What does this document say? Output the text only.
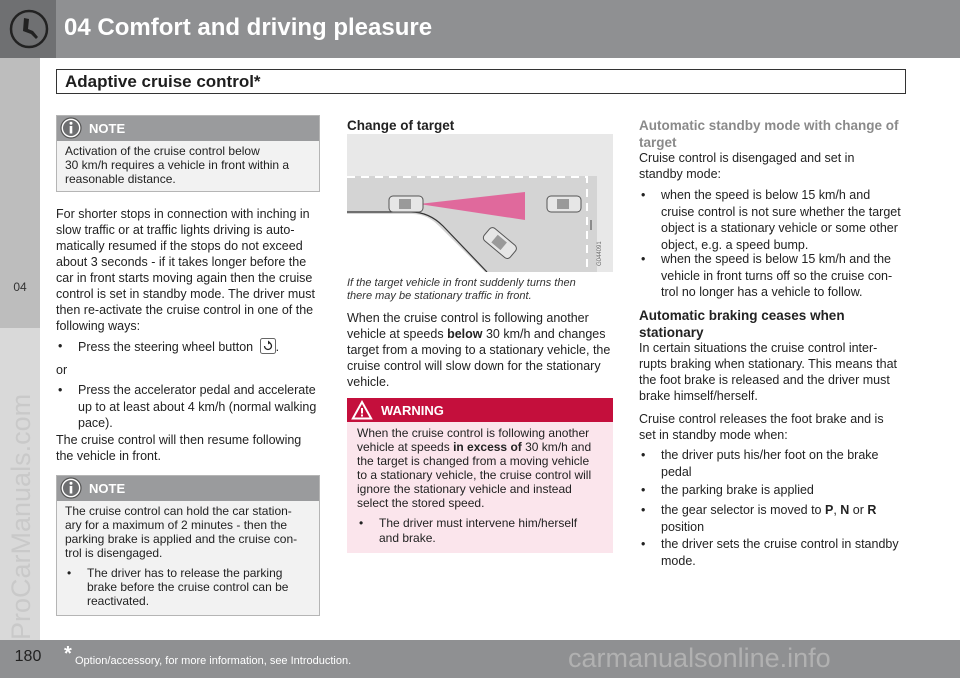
04 Comfort and driving pleasure
Adaptive cruise control*
04
ProCarManuals.com
NOTE
Activation of the cruise control below
30 km/h requires a vehicle in front within a
reasonable distance.
For shorter stops in connection with inching in
slow traffic or at traffic lights driving is auto-
matically resumed if the stops do not exceed
about 3 seconds - if it takes longer before the
car in front starts moving again then the cruise
control is set in standby mode. The driver must
then re-activate the cruise control in one of the
following ways:
• Press the steering wheel button .
or
• Press the accelerator pedal and accelerate
up to at least about 4 km/h (normal walking
pace).
The cruise control will then resume following
the vehicle in front.
NOTE
The cruise control can hold the car station-
ary for a maximum of 2 minutes - then the
parking brake is applied and the cruise con-
trol is disengaged.
• The driver has to release the parking
brake before the cruise control can be
reactivated.
Change of target
G044091
If the target vehicle in front suddenly turns then
there may be stationary traffic in front.
When the cruise control is following another
vehicle at speeds below 30 km/h and changes
target from a moving to a stationary vehicle, the
cruise control will slow down for the stationary
vehicle.
WARNING
When the cruise control is following another
vehicle at speeds in excess of 30 km/h and
the target is changed from a moving vehicle
to a stationary vehicle, the cruise control will
ignore the stationary vehicle and instead
select the stored speed.
• The driver must intervene him/herself
and brake.
Automatic standby mode with change of
target
Cruise control is disengaged and set in
standby mode:
• when the speed is below 15 km/h and
cruise control is not sure whether the target
object is a stationary vehicle or some other
object, e.g. a speed bump.
• when the speed is below 15 km/h and the
vehicle in front turns off so the cruise con-
trol no longer has a vehicle to follow.
Automatic braking ceases when
stationary
In certain situations the cruise control inter-
rupts braking when stationary. This means that
the foot brake is released and the driver must
brake himself/herself.
Cruise control releases the foot brake and is
set in standby mode when:
• the driver puts his/her foot on the brake
pedal
• the parking brake is applied
• the gear selector is moved to P, N or R
position
• the driver sets the cruise control in standby
mode.
180	* Option/accessory, for more information, see Introduction.	carmanualsonline.info
